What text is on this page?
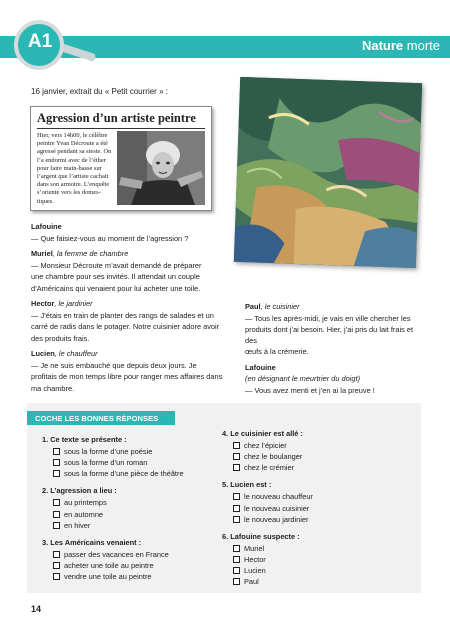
Nature morte
A1
16 janvier, extrait du « Petit courrier » :
Agression d’un artiste peintre
Hier, vers 14h00, le célèbre
peintre Yvan Décroute a été
agressé pendant sa sieste. On
l’a endormi avec de l’éther
pour faire main-basse sur
l’argent que l’artiste cachait
dans son armoire. L’enquête
s’oriente vers les domes-
tiques.

Lafouine

— Que faisiez-vous au moment de l’agression ?

Muriel, la femme de chambre

— Monsieur Décroute m’avait demandé de préparer

une chambre pour ses invités. Il attendait un couple

d’Américains qui venaient pour lui acheter une toile.

Hector, le jardinier

— J’étais en train de planter des rangs de salades et un

carré de radis dans le potager. Notre cuisinier adore avoir

des produits frais.

Lucien, le chauffeur

— Je ne suis embauché que depuis deux jours. Je

profitais de mon temps libre pour ranger mes affaires dans

ma chambre.

Paul, le cuisinier

— Tous les après-midi, je vais en ville chercher les

produits dont j’ai besoin. Hier, j’ai pris du lait frais et des

œufs à la crémerie.

Lafouine

(en désignant le meurtrier du doigt)

— Vous avez menti et j’en ai la preuve !

COCHE LES BONNES RÉPONSES
1. Ce texte se présente :
sous la forme d’une poésie
sous la forme d’un roman
sous la forme d’une pièce de théâtre
2. L’agression a lieu :
au printemps
en automne
en hiver
3. Les Américains venaient :
passer des vacances en France
acheter une toile au peintre
vendre une toile au peintre
4. Le cuisinier est allé :
chez l’épicier
chez le boulanger
chez le crémier
5. Lucien est :
le nouveau chauffeur
le nouveau cuisinier
le nouveau jardinier
6. Lafouine suspecte :
Muriel
Hector
Lucien
Paul
14
